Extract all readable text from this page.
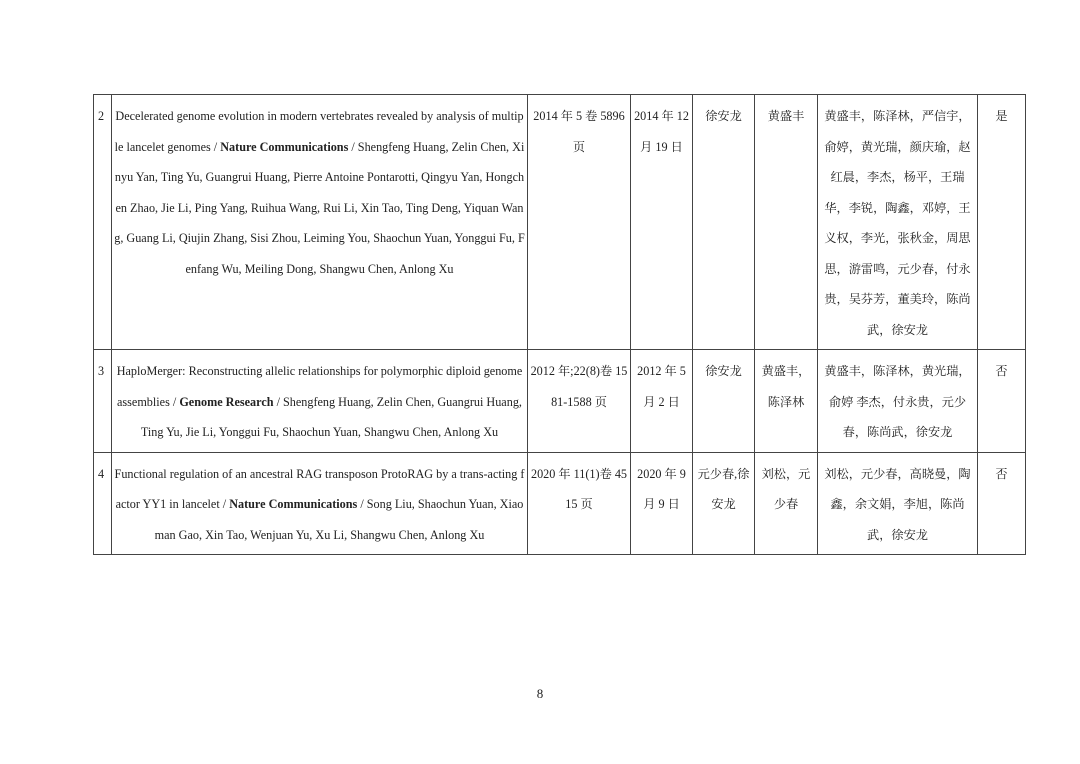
2	Decelerated genome evolution in modern vertebrates revealed by analysis of multiple lancelet genomes / Nature Communications / Shengfeng Huang, Zelin Chen, Xinyu Yan, Ting Yu, Guangrui Huang, Pierre Antoine Pontarotti, Qingyu Yan, Hongchen Zhao, Jie Li, Ping Yang, Ruihua Wang, Rui Li, Xin Tao, Ting Deng, Yiquan Wang, Guang Li, Qiujin Zhang, Sisi Zhou, Leiming You, Shaochun Yuan, Yonggui Fu, Fenfang Wu, Meiling Dong, Shangwu Chen, Anlong Xu	2014 年 5 卷 5896 页	2014 年 12 月 19 日	徐安龙	黄盛丰	黄盛丰，陈泽林，严信宇，俞婷，黄光瑞，颜庆瑜，赵红晨，李杰，杨平，王瑞华，李锐，陶鑫，邓婷，王义权，李光，张秋金，周思思，游雷鸣，元少春，付永贵，吴芬芳，董美玲，陈尚武，徐安龙	是
3	HaploMerger: Reconstructing allelic relationships for polymorphic diploid genome assemblies / Genome Research / Shengfeng Huang, Zelin Chen, Guangrui Huang, Ting Yu, Jie Li, Yonggui Fu, Shaochun Yuan, Shangwu Chen, Anlong Xu	2012 年;22(8)卷 1581-1588 页	2012 年 5 月 2 日	徐安龙	黄盛丰，陈泽林	黄盛丰，陈泽林，黄光瑞，俞婷 李杰，付永贵，元少春，陈尚武，徐安龙	否
4	Functional regulation of an ancestral RAG transposon ProtoRAG by a trans-acting factor YY1 in lancelet / Nature Communications / Song Liu, Shaochun Yuan, Xiaoman Gao, Xin Tao, Wenjuan Yu, Xu Li, Shangwu Chen, Anlong Xu	2020 年 11(1)卷 4515 页	2020 年 9 月 9 日	元少春,徐安龙	刘松，元少春	刘松，元少春，高晓曼，陶鑫，余文娟，李旭，陈尚武，徐安龙	否
8
